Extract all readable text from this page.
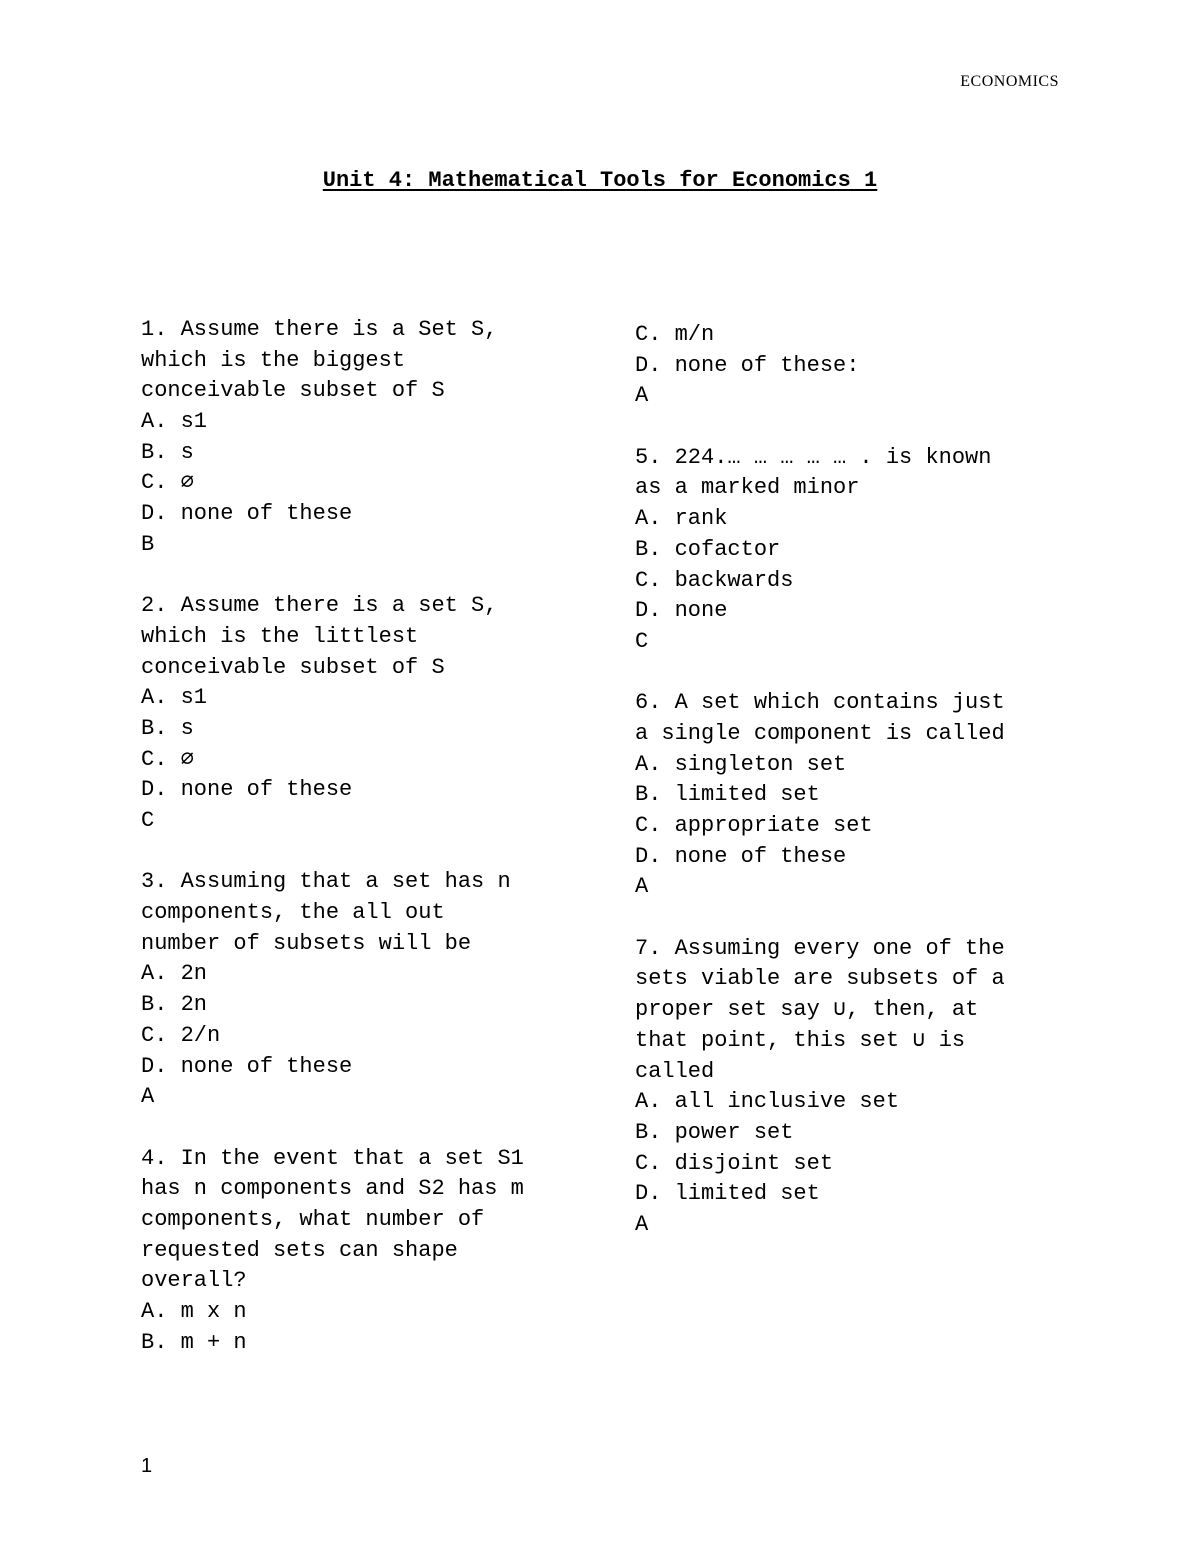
ECONOMICS
Unit 4: Mathematical Tools for Economics 1
1. Assume there is a Set S,
which is the biggest
conceivable subset of S
A. s1
B. s
C. ∅
D. none of these
B
2. Assume there is a set S,
which is the littlest
conceivable subset of S
A. s1
B. s
C. ∅
D. none of these
C
3. Assuming that a set has n
components, the all out
number of subsets will be
A. 2n
B. 2n
C. 2/n
D. none of these
A
4. In the event that a set S1
has n components and S2 has m
components, what number of
requested sets can shape
overall?
A. m x n
B. m + n
C. m/n
D. none of these:
A
5. 224.… … … … … . is known
as a marked minor
A. rank
B. cofactor
C. backwards
D. none
C
6. A set which contains just
a single component is called
A. singleton set
B. limited set
C. appropriate set
D. none of these
A
7. Assuming every one of the
sets viable are subsets of a
proper set say ∪, then, at
that point, this set ∪ is
called
A. all inclusive set
B. power set
C. disjoint set
D. limited set
A
1
